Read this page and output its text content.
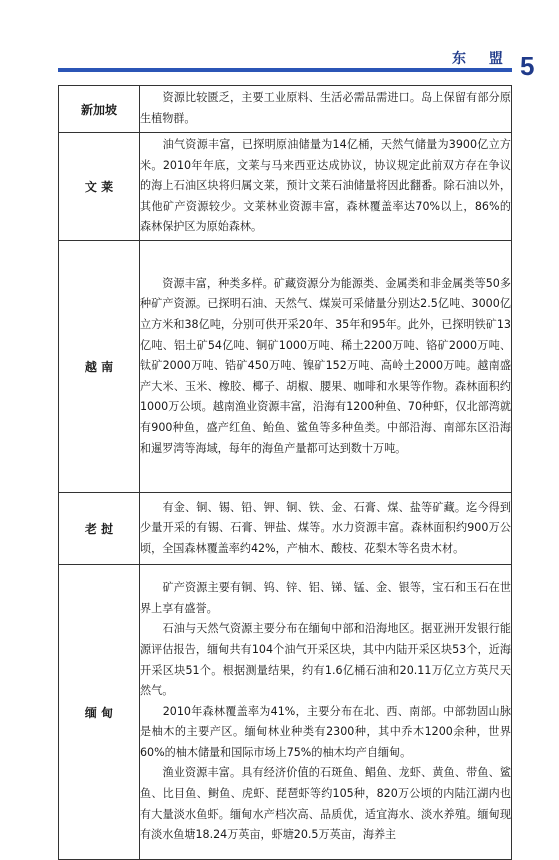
东 盟 5
新加坡	　　资源比较匮乏，主要工业原料、生活必需品需进口。岛上保留有部分原生植物群。

文 莱	　　油气资源丰富，已探明原油储量为14亿桶，天然气储量为3900亿立方米。2010年年底，文莱与马来西亚达成协议，协议规定此前双方存在争议的海上石油区块将归属文莱，预计文莱石油储量将因此翻番。除石油以外，其他矿产资源较少。文莱林业资源丰富，森林覆盖率达70%以上，86%的森林保护区为原始森林。

越 南	　　资源丰富，种类多样。矿藏资源分为能源类、金属类和非金属类等50多种矿产资源。已探明石油、天然气、煤炭可采储量分别达2.5亿吨、3000亿立方米和38亿吨，分别可供开采20年、35年和95年。此外，已探明铁矿13亿吨、铝土矿54亿吨、铜矿1000万吨、稀土2200万吨、铬矿2000万吨、钛矿2000万吨、锆矿450万吨、镍矿152万吨、高岭土2000万吨。越南盛产大米、玉米、橡胶、椰子、胡椒、腰果、咖啡和水果等作物。森林面积约1000万公顷。越南渔业资源丰富，沿海有1200种鱼、70种虾，仅北部湾就有900种鱼，盛产红鱼、鲐鱼、鲨鱼等多种鱼类。中部沿海、南部东区沿海和暹罗湾等海域，每年的海鱼产量都可达到数十万吨。

老 挝	　　有金、铜、锡、铅、钾、铜、铁、金、石膏、煤、盐等矿藏。迄今得到少量开采的有锡、石膏、钾盐、煤等。水力资源丰富。森林面积约900万公顷，全国森林覆盖率约42%，产柚木、酸枝、花梨木等名贵木材。

缅 甸	　　矿产资源主要有铜、钨、锌、铝、锑、锰、金、银等，宝石和玉石在世界上享有盛誉。

　　石油与天然气资源主要分布在缅甸中部和沿海地区。据亚洲开发银行能源评估报告，缅甸共有104个油气开采区块，其中内陆开采区块53个，近海开采区块51个。根据测量结果，约有1.6亿桶石油和20.11万亿立方英尺天然气。

　　2010年森林覆盖率为41%，主要分布在北、西、南部。中部勃固山脉是柚木的主要产区。缅甸林业种类有2300种，其中乔木1200余种，世界60%的柚木储量和国际市场上75%的柚木均产自缅甸。

　　渔业资源丰富。具有经济价值的石斑鱼、鲳鱼、龙虾、黄鱼、带鱼、鲨鱼、比目鱼、鲥鱼、虎虾、琵琶虾等约105种，820万公顷的内陆江湖内也有大量淡水鱼虾。缅甸水产档次高、品质优，适宜海水、淡水养殖。缅甸现有淡水鱼塘18.24万英亩，虾塘20.5万英亩，海养主
